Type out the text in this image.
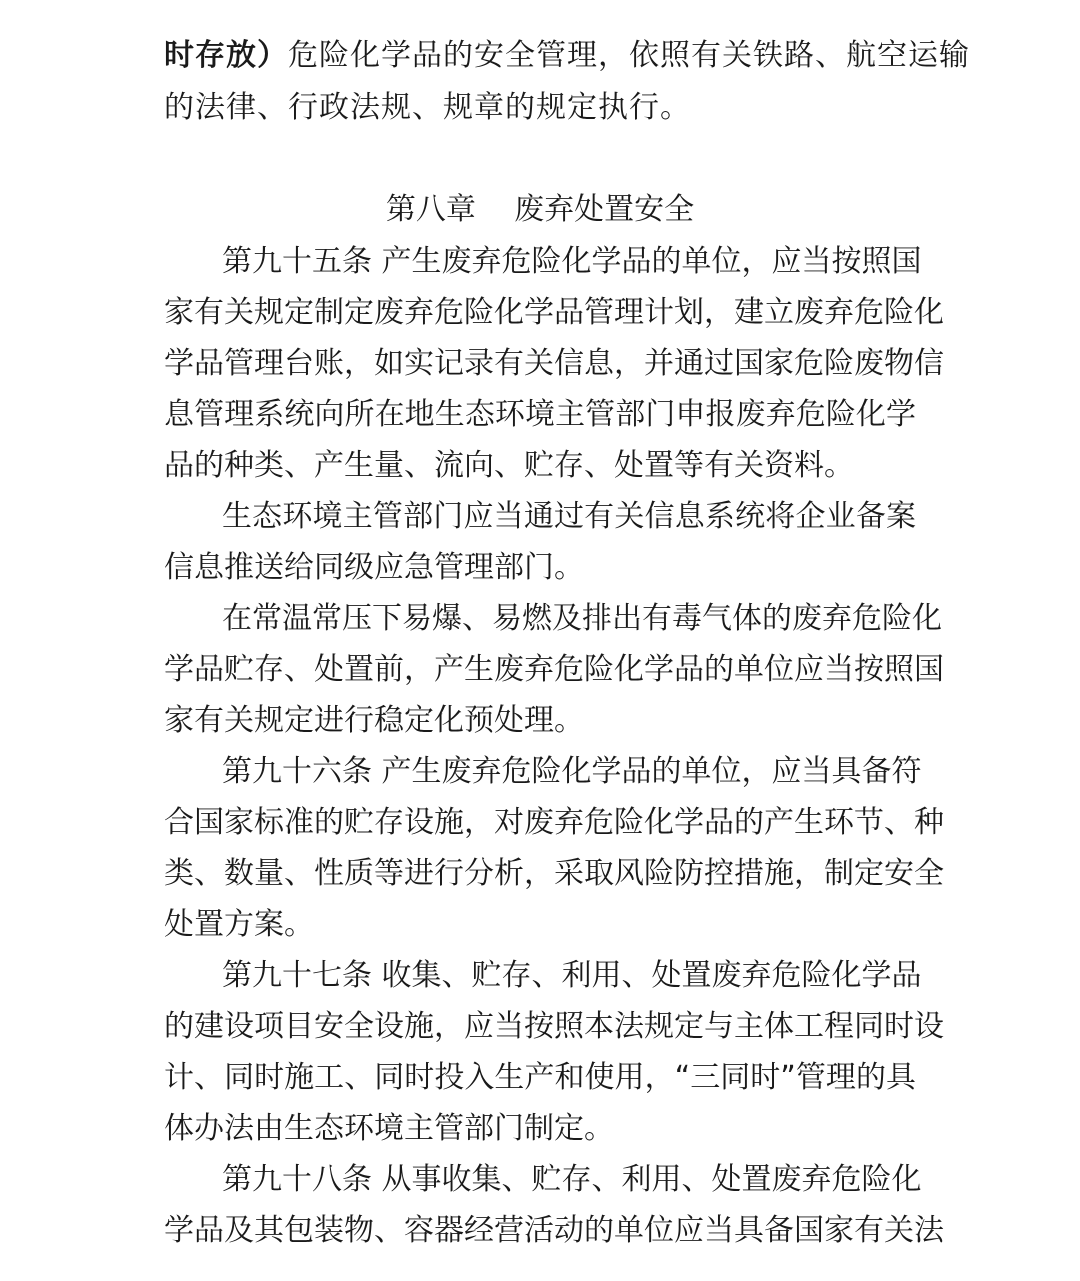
时存放）危险化学品的安全管理，依照有关铁路、航空运输
的法律、行政法规、规章的规定执行。
第八章    废弃处置安全
第九十五条 产生废弃危险化学品的单位，应当按照国
家有关规定制定废弃危险化学品管理计划，建立废弃危险化
学品管理台账，如实记录有关信息，并通过国家危险废物信
息管理系统向所在地生态环境主管部门申报废弃危险化学
品的种类、产生量、流向、贮存、处置等有关资料。
生态环境主管部门应当通过有关信息系统将企业备案
信息推送给同级应急管理部门。
在常温常压下易爆、易燃及排出有毒气体的废弃危险化
学品贮存、处置前，产生废弃危险化学品的单位应当按照国
家有关规定进行稳定化预处理。
第九十六条 产生废弃危险化学品的单位，应当具备符
合国家标准的贮存设施，对废弃危险化学品的产生环节、种
类、数量、性质等进行分析，采取风险防控措施，制定安全
处置方案。
第九十七条 收集、贮存、利用、处置废弃危险化学品
的建设项目安全设施，应当按照本法规定与主体工程同时设
计、同时施工、同时投入生产和使用，“三同时”管理的具
体办法由生态环境主管部门制定。
第九十八条 从事收集、贮存、利用、处置废弃危险化
学品及其包装物、容器经营活动的单位应当具备国家有关法
